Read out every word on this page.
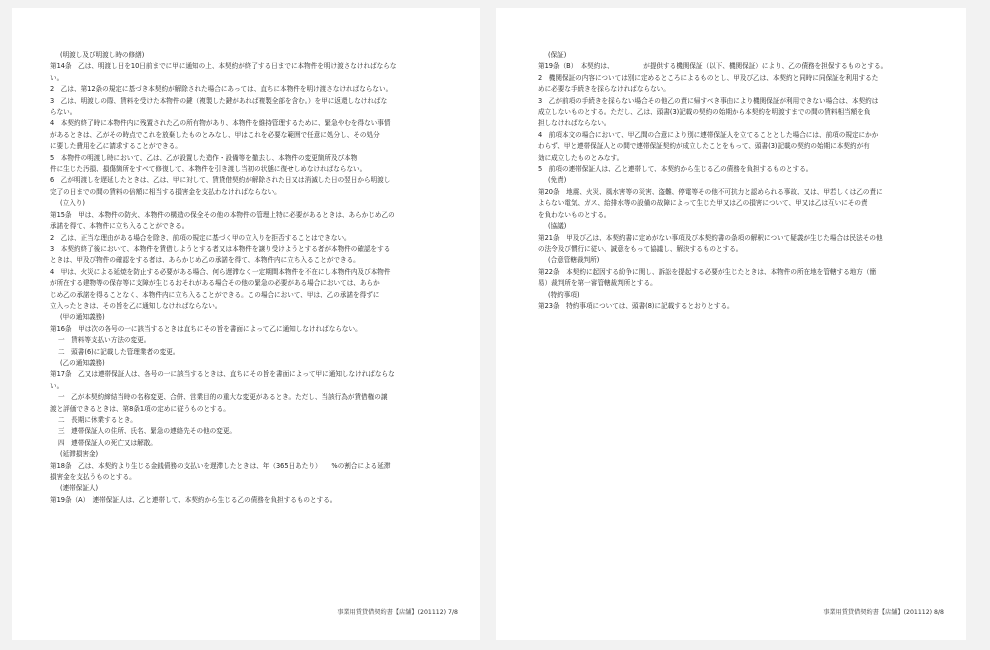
(明渡し及び明渡し時の修繕)
第14条　乙は、明渡し日を10日前までに甲に通知の上、本契約が終了する日までに本物件を明け渡さなければならな
い。
2　乙は、第12条の規定に基づき本契約が解除された場合にあっては、直ちに本物件を明け渡さなければならない。
3　乙は、明渡しの際、賃料を受けた本物件の鍵（複製した鍵があれば複製全部を含む。）を甲に返還しなければな
らない。
4　本契約終了時に本物件内に残置された乙の所有物があり、本物件を維持管理するために、緊急やむを得ない事情
があるときは、乙がその時点でこれを放棄したものとみなし、甲はこれを必要な範囲で任意に処分し、その処分
に要した費用を乙に請求することができる。
5　本物件の明渡し時において、乙は、乙が設置した造作・設備等を撤去し、本物件の変更箇所及び本物
件に生じた汚損、損傷箇所をすべて修復して、本物件を引き渡し当初の状態に復せしめなければならない。
6　乙が明渡しを遅延したときは、乙は、甲に対して、賃貸借契約が解除された日又は消滅した日の翌日から明渡し
完了の日までの間の賃料の倍額に相当する損害金を支払わなければならない。
(立入り)
第15条　甲は、本物件の防火、本物件の構造の保全その他の本物件の管理上特に必要があるときは、あらかじめ乙の
承諾を得て、本物件に立ち入ることができる。
2　乙は、正当な理由がある場合を除き、前項の規定に基づく甲の立入りを拒否することはできない。
3　本契約終了後において、本物件を賃借しようとする者又は本物件を譲り受けようとする者が本物件の確認をする
ときは、甲及び物件の確認をする者は、あらかじめ乙の承諾を得て、本物件内に立ち入ることができる。
4　甲は、火災による延焼を防止する必要がある場合、何ら遅滞なく一定期間本物件を不在にし本物件内及び本物件
が所在する建物等の保存等に支障が生じるおそれがある場合その他の緊急の必要がある場合においては、あらか
じめ乙の承諾を得ることなく、本物件内に立ち入ることができる。この場合において、甲は、乙の承諾を得ずに
立入ったときは、その旨を乙に通知しなければならない。
(甲の通知義務)
第16条　甲は次の各号の一に該当するときは直ちにその旨を書面によって乙に通知しなければならない。
一　賃料等支払い方法の変更。
二　頭書(6)に記載した管理業者の変更。
(乙の通知義務)
第17条　乙又は連帯保証人は、各号の一に該当するときは、直ちにその旨を書面によって甲に通知しなければならな
い。
一　乙が本契約締結当時の名称変更、合併、営業目的の重大な変更があるとき。ただし、当該行為が賃借権の譲
渡と評価できるときは、第8条1項の定めに従うものとする。
二　長期に休業するとき。
三　連帯保証人の住所、氏名、緊急の連絡先その他の変更。
四　連帯保証人の死亡又は解散。
(延滞損害金)
第18条　乙は、本契約より生じる金銭債務の支払いを遅滞したときは、年（365日あたり）　　%の割合による延滞
損害金を支払うものとする。
(連帯保証人)
第19条（A）　連帯保証人は、乙と連帯して、本契約から生じる乙の債務を負担するものとする。
事業用賃貸借契約書【店舗】(201112) 7/8
(保証)
第19条（B）　本契約は、　　　　　が提供する機関保証（以下、機関保証）により、乙の債務を担保するものとする。
2　機関保証の内容については別に定めるところによるものとし、甲及び乙は、本契約と同時に同保証を利用するた
めに必要な手続きを採らなければならない。
3　乙が前項の手続きを採らない場合その他乙の責に帰すべき事由により機関保証が利用できない場合は、本契約は
成立しないものとする。ただし、乙は、頭書(3)記載の契約の始期から本契約を明渡すまでの間の賃料相当額を負
担しなければならない。
4　前項本文の場合において、甲乙間の合意により別に連帯保証人を立てることとした場合には、前項の規定にかか
わらず、甲と連帯保証人との間で連帯保証契約が成立したことをもって、頭書(3)記載の契約の始期に本契約が有
効に成立したものとみなす。
5　前項の連帯保証人は、乙と連帯して、本契約から生じる乙の債務を負担するものとする。
(免責)
第20条　地震、火災、風水害等の災害、盗難、停電等その他不可抗力と認められる事故、又は、甲若しくは乙の責に
よらない電気、ガス、給排水等の設備の故障によって生じた甲又は乙の損害について、甲又は乙は互いにその責
を負わないものとする。
(協議)
第21条　甲及び乙は、本契約書に定めがない事項及び本契約書の条項の解釈について疑義が生じた場合は民法その他
の法令及び慣行に従い、誠意をもって協議し、解決するものとする。
(合意管轄裁判所)
第22条　本契約に起因する紛争に関し、訴訟を提起する必要が生じたときは、本物件の所在地を管轄する地方（簡
易）裁判所を第一審管轄裁判所とする。
(特約事項)
第23条　特約事項については、頭書(8)に記載するとおりとする。
事業用賃貸借契約書【店舗】(201112) 8/8
